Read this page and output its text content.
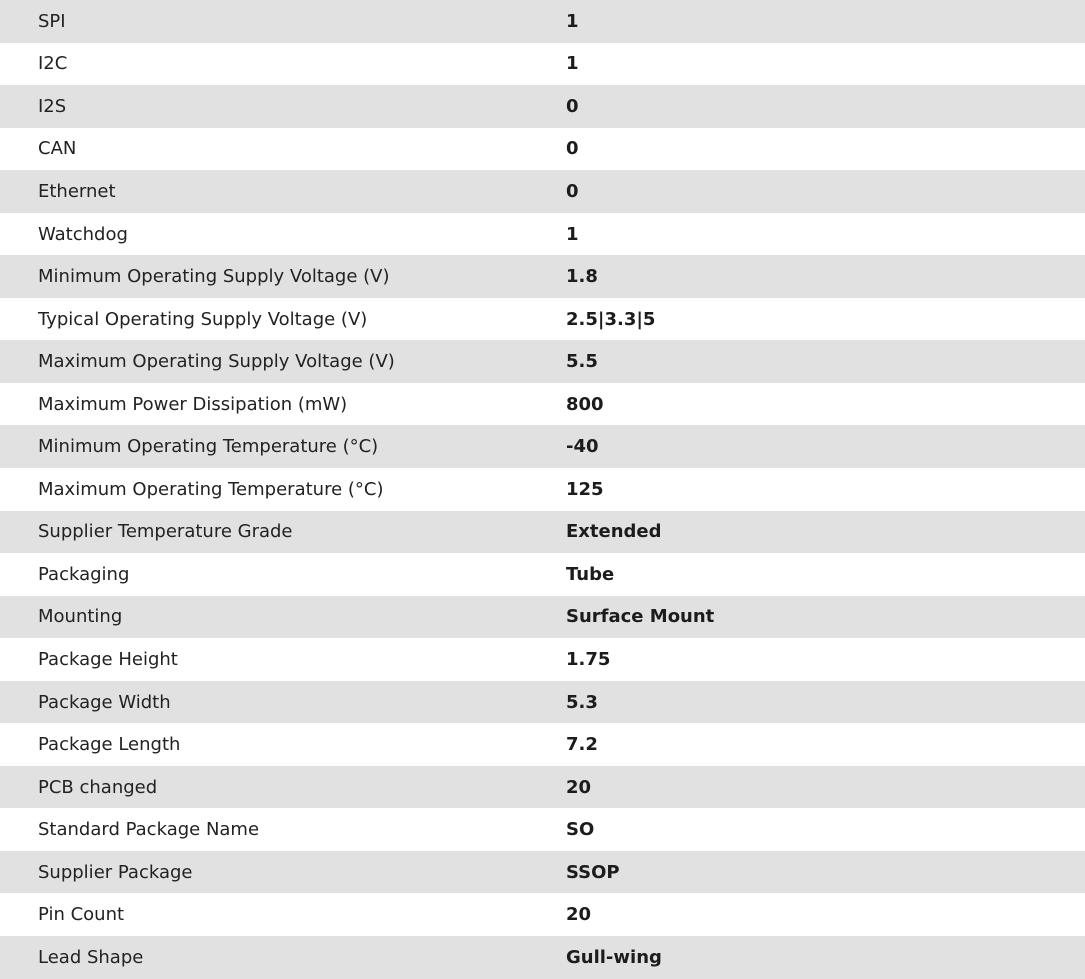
SPI	1
I2C	1
I2S	0
CAN	0
Ethernet	0
Watchdog	1
Minimum Operating Supply Voltage (V)	1.8
Typical Operating Supply Voltage (V)	2.5|3.3|5
Maximum Operating Supply Voltage (V)	5.5
Maximum Power Dissipation (mW)	800
Minimum Operating Temperature (°C)	-40
Maximum Operating Temperature (°C)	125
Supplier Temperature Grade	Extended
Packaging	Tube
Mounting	Surface Mount
Package Height	1.75
Package Width	5.3
Package Length	7.2
PCB changed	20
Standard Package Name	SO
Supplier Package	SSOP
Pin Count	20
Lead Shape	Gull-wing
